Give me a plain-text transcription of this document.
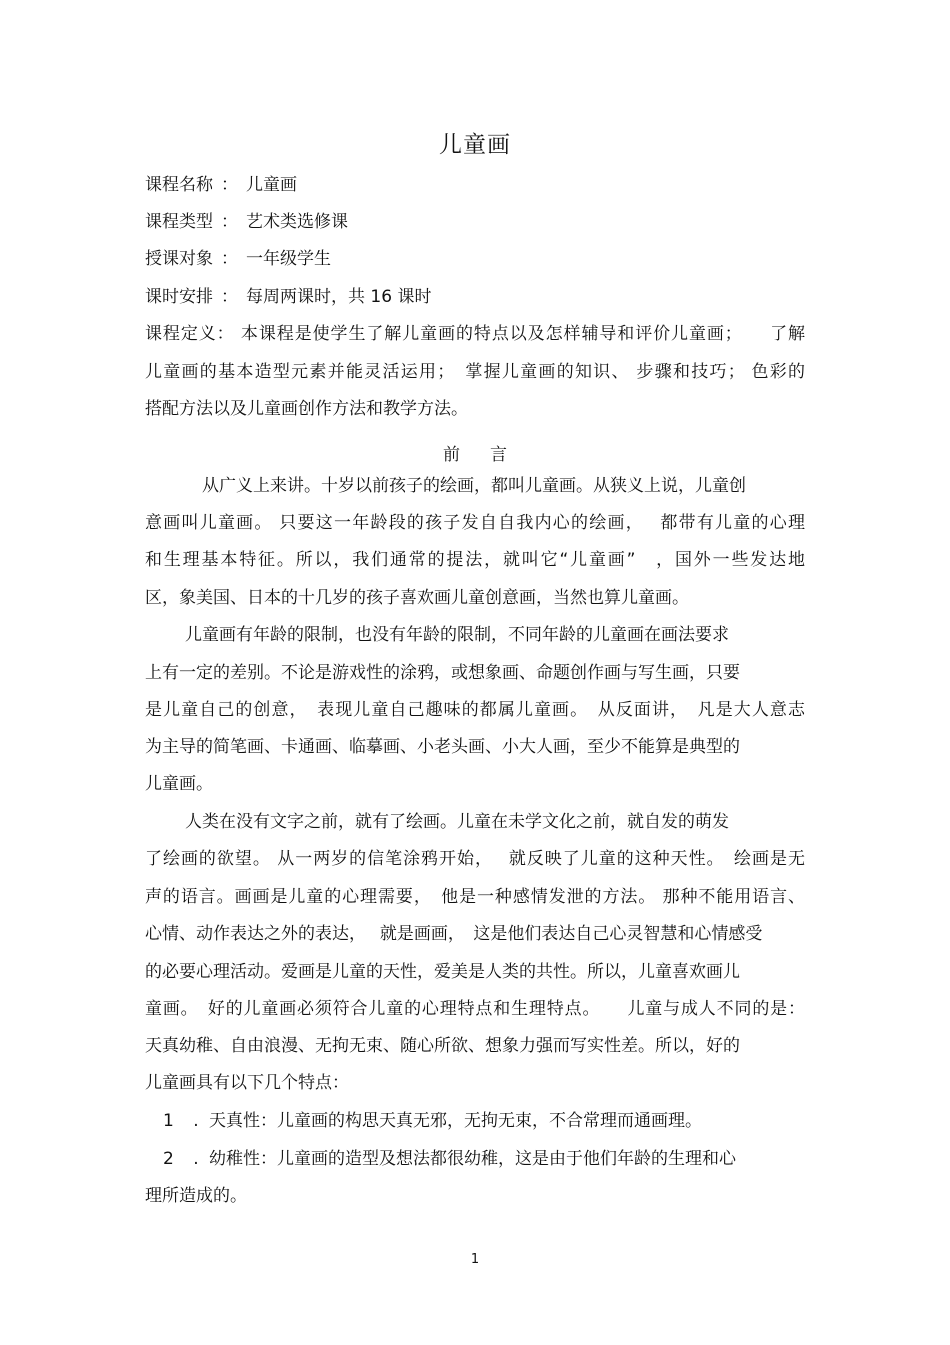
儿童画
课程名称 ： 儿童画
课程类型 ： 艺术类选修课
授课对象 ： 一年级学生
课时安排 ： 每周两课时，共 16 课时
课程定义： 本课程是使学生了解儿童画的特点以及怎样辅导和评价儿童画；　　了解
儿童画的基本造型元素并能灵活运用；　掌握儿童画的知识、 步骤和技巧； 色彩的
搭配方法以及儿童画创作方法和教学方法。
前 言
　从广义上来讲。十岁以前孩子的绘画，都叫儿童画。从狭义上说，儿童创
意画叫儿童画。 只要这一年龄段的孩子发自自我内心的绘画，　 都带有儿童的心理
和生理基本特征。所以，我们通常的提法，就叫它“儿童画”　，国外一些发达地
区，象美国、日本的十几岁的孩子喜欢画儿童创意画，当然也算儿童画。
儿童画有年龄的限制，也没有年龄的限制，不同年龄的儿童画在画法要求
上有一定的差别。不论是游戏性的涂鸦，或想象画、命题创作画与写生画，只要
是儿童自己的创意，　表现儿童自己趣味的都属儿童画。　从反面讲，　凡是大人意志
为主导的简笔画、卡通画、临摹画、小老头画、小大人画，至少不能算是典型的
儿童画。
人类在没有文字之前，就有了绘画。儿童在未学文化之前，就自发的萌发
了绘画的欲望。 从一两岁的信笔涂鸦开始，　 就反映了儿童的这种天性。　绘画是无
声的语言。画画是儿童的心理需要，　他是一种感情发泄的方法。 那种不能用语言、
心情、动作表达之外的表达，　 就是画画，　这是他们表达自己心灵智慧和心情感受
的必要心理活动。爱画是儿童的天性，爱美是人类的共性。所以，儿童喜欢画儿
童画。　好的儿童画必须符合儿童的心理特点和生理特点。　　儿童与成人不同的是：
天真幼稚、自由浪漫、无拘无束、随心所欲、想象力强而写实性差。所以，好的
儿童画具有以下几个特点：
1 . 天真性：儿童画的构思天真无邪，无拘无束，不合常理而通画理。
2 . 幼稚性：儿童画的造型及想法都很幼稚，这是由于他们年龄的生理和心
理所造成的。
1
